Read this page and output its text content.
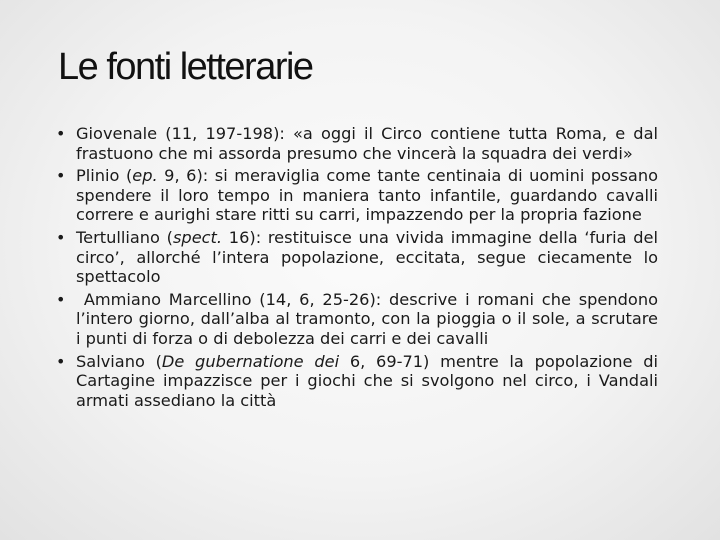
Le fonti letterarie
• Giovenale (11, 197-198): «a oggi il Circo contiene tutta Roma, e dal frastuono che mi assorda presumo che vincerà la squadra dei verdi»
• Plinio (ep. 9, 6): si meraviglia come tante centinaia di uomini possano spendere il loro tempo in maniera tanto infantile, guardando cavalli correre e aurighi stare ritti su carri, impazzendo per la propria fazione
• Tertulliano (spect. 16): restituisce una vivida immagine della ‘furia del circo’, allorché l’intera popolazione, eccitata, segue ciecamente lo spettacolo
• Ammiano Marcellino (14, 6, 25-26): descrive i romani che spendono l’intero giorno, dall’alba al tramonto, con la pioggia o il sole, a scrutare i punti di forza o di debolezza dei carri e dei cavalli
• Salviano (De gubernatione dei 6, 69-71) mentre la popolazione di Cartagine impazzisce per i giochi che si svolgono nel circo, i Vandali armati assediano la città
